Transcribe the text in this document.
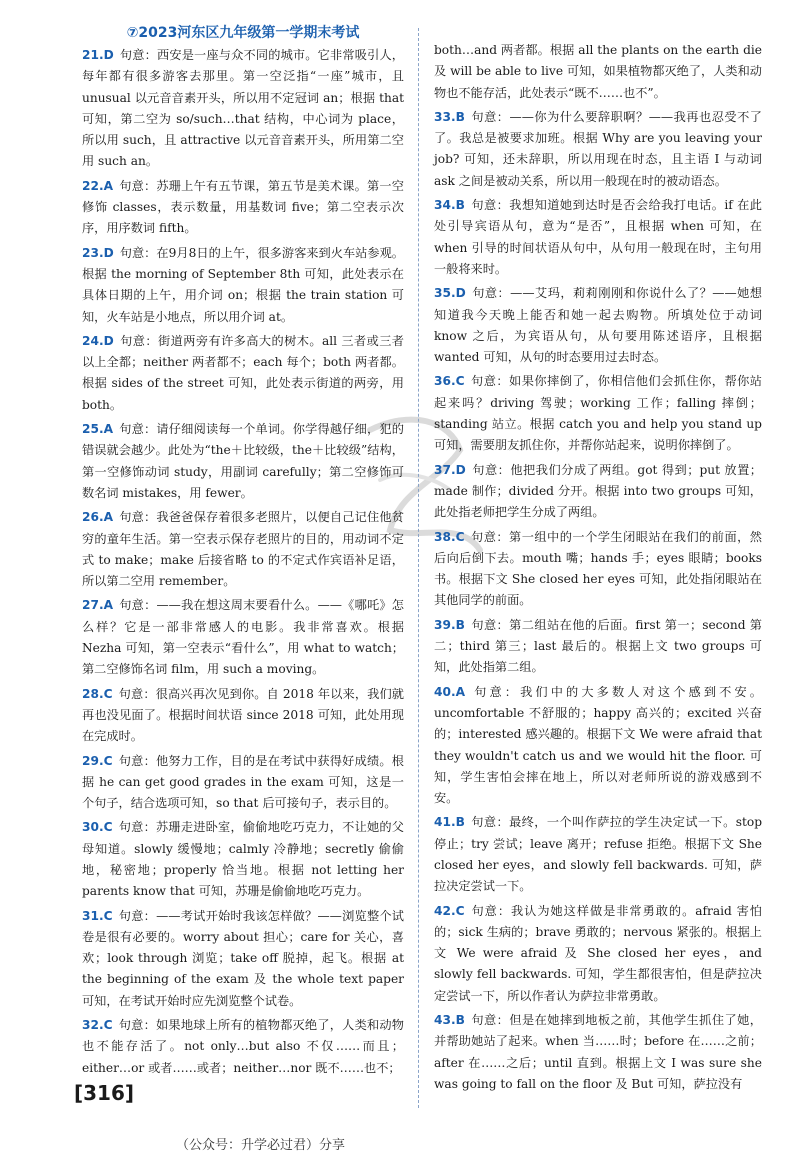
⑦2023河东区九年级第一学期末考试

21.D 句意：西安是一座与众不同的城市。它非常吸引人，每年都有很多游客去那里。第一空泛指“一座”城市，且 unusual 以元音音素开头，所以用不定冠词 an；根据 that 可知，第二空为 so/such…that 结构，中心词为 place，所以用 such，且 attractive 以元音音素开头，所用第二空用 such an。

22.A 句意：苏珊上午有五节课，第五节是美术课。第一空修饰 classes，表示数量，用基数词 five；第二空表示次序，用序数词 fifth。

23.D 句意：在9月8日的上午，很多游客来到火车站参观。根据 the morning of September 8th 可知，此处表示在具体日期的上午，用介词 on；根据 the train station 可知，火车站是小地点，所以用介词 at。

24.D 句意：街道两旁有许多高大的树木。all 三者或三者以上全都；neither 两者都不；each 每个；both 两者都。根据 sides of the street 可知，此处表示街道的两旁，用 both。

25.A 句意：请仔细阅读每一个单词。你学得越仔细，犯的错误就会越少。此处为“the＋比较级，the＋比较级”结构，第一空修饰动词 study，用副词 carefully；第二空修饰可数名词 mistakes，用 fewer。

26.A 句意：我爸爸保存着很多老照片，以便自己记住他贫穷的童年生活。第一空表示保存老照片的目的，用动词不定式 to make；make 后接省略 to 的不定式作宾语补足语，所以第二空用 remember。

27.A 句意：——我在想这周末要看什么。——《哪吒》怎么样？它是一部非常感人的电影。我非常喜欢。根据 Nezha 可知，第一空表示“看什么”，用 what to watch；第二空修饰名词 film，用 such a moving。

28.C 句意：很高兴再次见到你。自 2018 年以来，我们就再也没见面了。根据时间状语 since 2018 可知，此处用现在完成时。

29.C 句意：他努力工作，目的是在考试中获得好成绩。根据 he can get good grades in the exam 可知，这是一个句子，结合选项可知，so that 后可接句子，表示目的。

30.C 句意：苏珊走进卧室，偷偷地吃巧克力，不让她的父母知道。slowly 缓慢地；calmly 冷静地；secretly 偷偷地，秘密地；properly 恰当地。根据 not letting her parents know that 可知，苏珊是偷偷地吃巧克力。

31.C 句意：——考试开始时我该怎样做？——浏览整个试卷是很有必要的。worry about 担心；care for 关心，喜欢；look through 浏览；take off 脱掉，起飞。根据 at the beginning of the exam 及 the whole text paper 可知，在考试开始时应先浏览整个试卷。

32.C 句意：如果地球上所有的植物都灭绝了，人类和动物也不能存活了。not only…but also 不仅……而且；either…or 或者……或者；neither…nor 既不……也不；

both…and 两者都。根据 all the plants on the earth die 及 will be able to live 可知，如果植物都灭绝了，人类和动物也不能存活，此处表示“既不……也不”。

33.B 句意：——你为什么要辞职啊？——我再也忍受不了了。我总是被要求加班。根据 Why are you leaving your job? 可知，还未辞职，所以用现在时态，且主语 I 与动词 ask 之间是被动关系，所以用一般现在时的被动语态。

34.B 句意：我想知道她到达时是否会给我打电话。if 在此处引导宾语从句，意为“是否”，且根据 when 可知，在 when 引导的时间状语从句中，从句用一般现在时，主句用一般将来时。

35.D 句意：——艾玛，莉莉刚刚和你说什么了？——她想知道我今天晚上能否和她一起去购物。所填处位于动词 know 之后，为宾语从句，从句要用陈述语序，且根据 wanted 可知，从句的时态要用过去时态。

36.C 句意：如果你摔倒了，你相信他们会抓住你，帮你站起来吗？driving 驾驶；working 工作；falling 摔倒；standing 站立。根据 catch you and help you stand up 可知，需要朋友抓住你，并帮你站起来，说明你摔倒了。

37.D 句意：他把我们分成了两组。got 得到；put 放置；made 制作；divided 分开。根据 into two groups 可知，此处指老师把学生分成了两组。

38.C 句意：第一组中的一个学生闭眼站在我们的前面，然后向后倒下去。mouth 嘴；hands 手；eyes 眼睛；books 书。根据下文 She closed her eyes 可知，此处指闭眼站在其他同学的前面。

39.B 句意：第二组站在他的后面。first 第一；second 第二；third 第三；last 最后的。根据上文 two groups 可知，此处指第二组。

40.A 句意：我们中的大多数人对这个感到不安。uncomfortable 不舒服的；happy 高兴的；excited 兴奋的；interested 感兴趣的。根据下文 We were afraid that they wouldn't catch us and we would hit the floor. 可知，学生害怕会摔在地上，所以对老师所说的游戏感到不安。

41.B 句意：最终，一个叫作萨拉的学生决定试一下。stop 停止；try 尝试；leave 离开；refuse 拒绝。根据下文 She closed her eyes，and slowly fell backwards. 可知，萨拉决定尝试一下。

42.C 句意：我认为她这样做是非常勇敢的。afraid 害怕的；sick 生病的；brave 勇敢的；nervous 紧张的。根据上文 We were afraid 及 She closed her eyes，and slowly fell backwards. 可知，学生都很害怕，但是萨拉决定尝试一下，所以作者认为萨拉非常勇敢。

43.B 句意：但是在她摔到地板之前，其他学生抓住了她，并帮助她站了起来。when 当……时；before 在……之前；after 在……之后；until 直到。根据上文 I was sure she was going to fall on the floor 及 But 可知，萨拉没有

[316]
（公众号：升学必过君）分享
